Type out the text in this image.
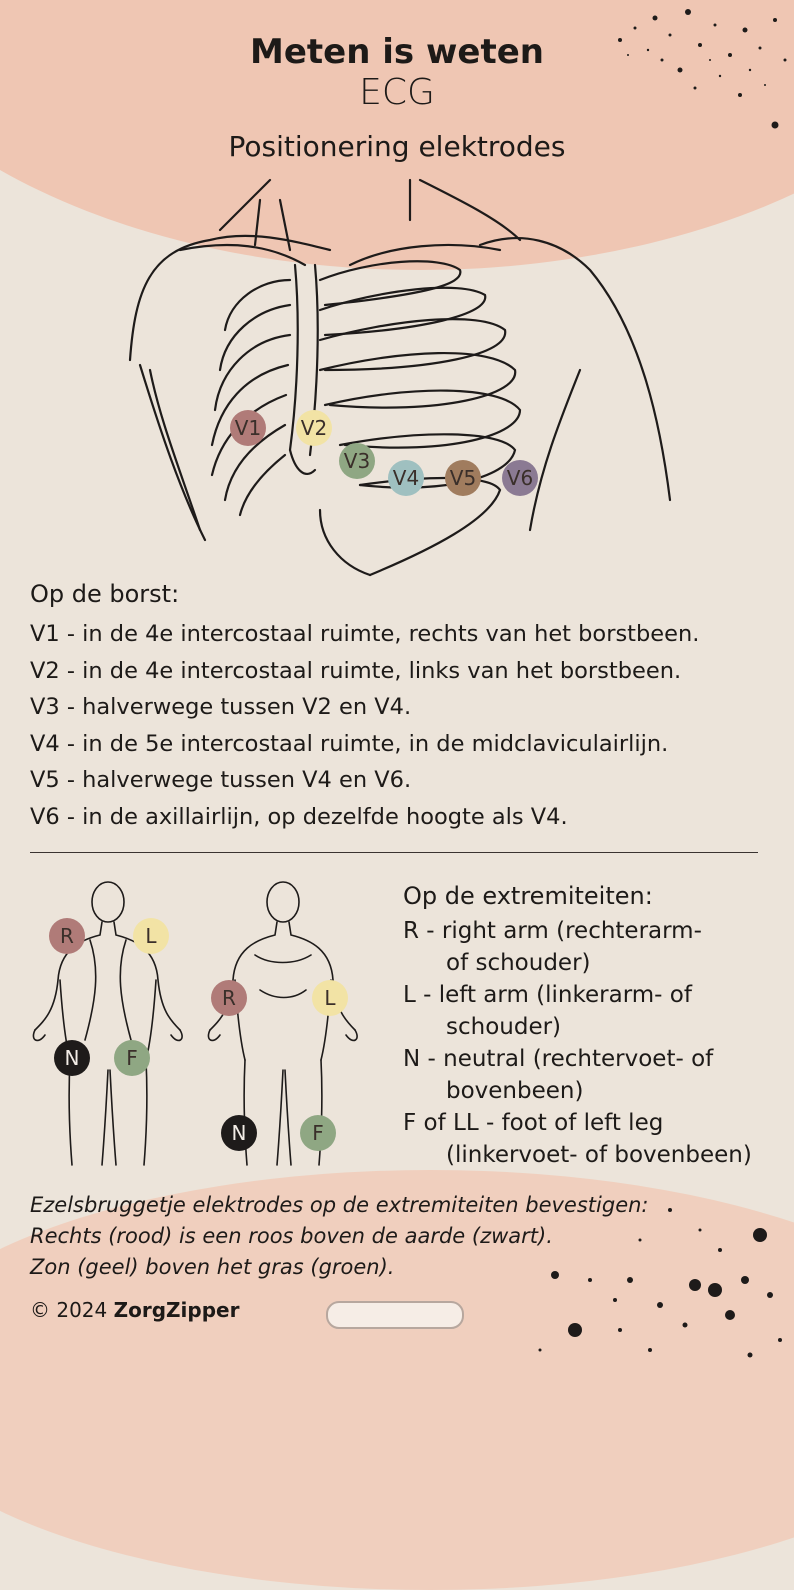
Meten is weten
ECG
Positionering elektrodes
V1 V2
V3
V4 V5 V6
Op de borst:
V1 - in de 4e intercostaal ruimte, rechts van het borstbeen.
V2 - in de 4e intercostaal ruimte, links van het borstbeen.
V3 - halverwege tussen V2 en V4.
V4 - in de 5e intercostaal ruimte, in de midclaviculairlijn.
V5 - halverwege tussen V4 en V6.
V6 - in de axillairlijn, op dezelfde hoogte als V4.
R	L
N	F
R	L
N	F
Op de extremiteiten:
R - right arm (rechterarm-
of schouder)
L - left arm (linkerarm- of
schouder)
N - neutral (rechtervoet- of
bovenbeen)
F of LL - foot of left leg
(linkervoet- of bovenbeen)
Ezelsbruggetje elektrodes op de extremiteiten bevestigen:
Rechts (rood) is een roos boven de aarde (zwart).
Zon (geel) boven het gras (groen).
© 2024 ZorgZipper
